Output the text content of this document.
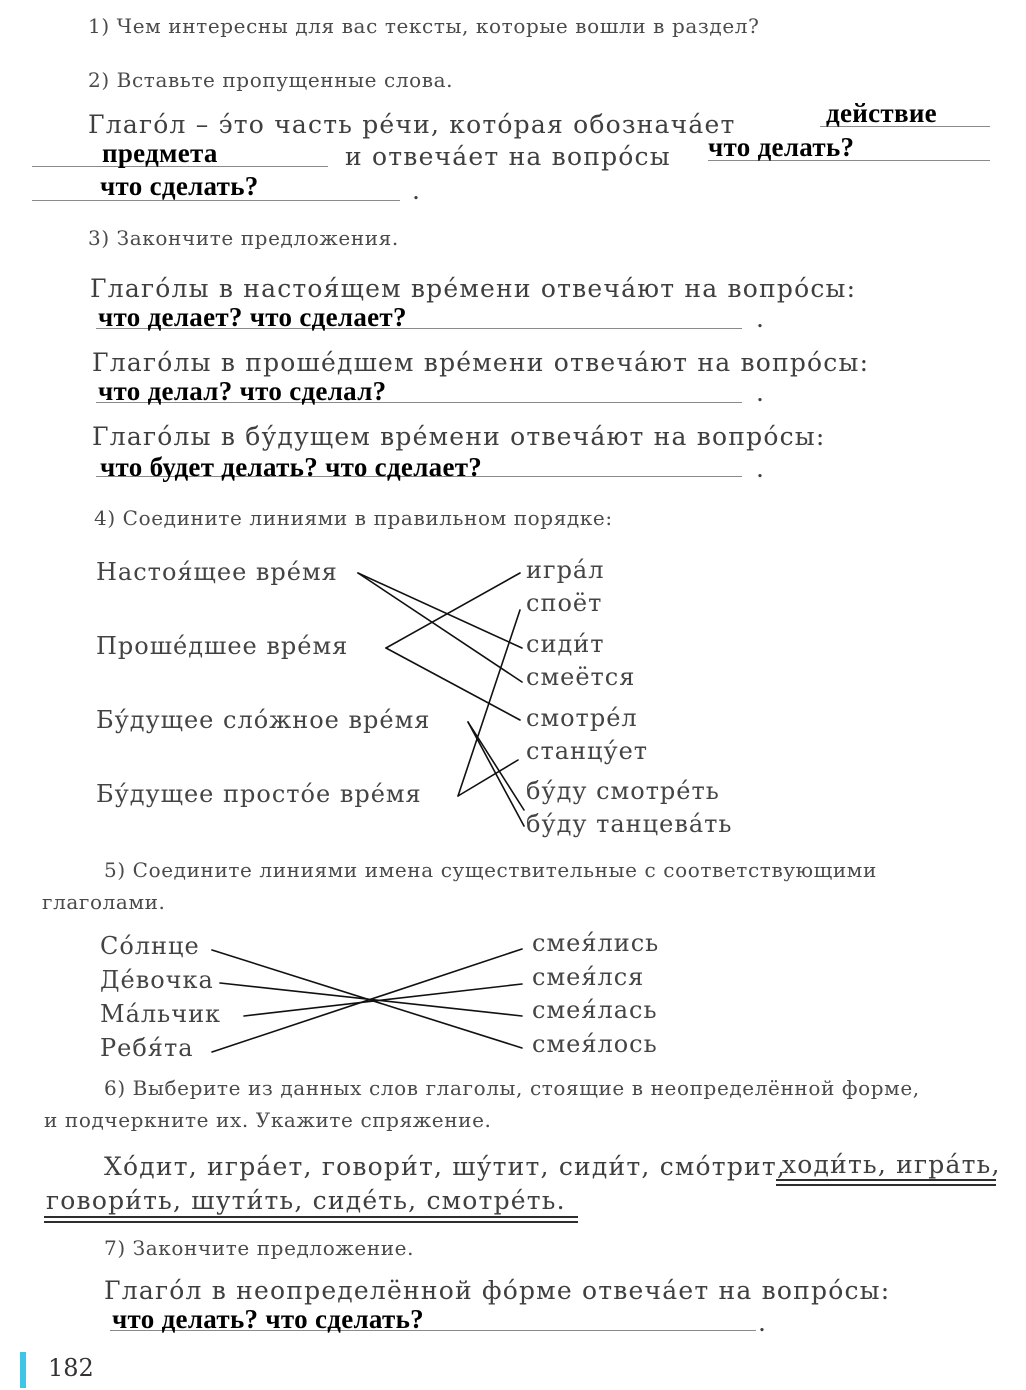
1) Чем интересны для вас тексты, которые вошли в раздел?
2) Вставьте пропущенные слова.
Глаго́л – э́то часть ре́чи, кото́рая обознача́ет	действие
предмета	и отвеча́ет на вопро́сы что делать?
что сделать?	.
3) Закончите предложения.
Глаго́лы в настоя́щем вре́мени отвеча́ют на вопро́сы:
что делает? что сделает?	.
Глаго́лы в проше́дшем вре́мени отвеча́ют на вопро́сы:
что делал? что сделал?	.
Глаго́лы в бу́дущем вре́мени отвеча́ют на вопро́сы:
что будет делать? что сделает?	.
4) Соедините линиями в правильном порядке:
Настоя́щее вре́мя
Проше́дшее вре́мя
Бу́дущее сло́жное вре́мя
Бу́дущее просто́е вре́мя
игра́л
споёт
сиди́т
смеётся
смотре́л
станцу́ет
бу́ду смотре́ть
бу́ду танцева́ть
5) Соедините линиями имена существительные с соответствующими
глаголами.
Со́лнце
Де́вочка
Ма́льчик
Ребя́та
смея́лись
смея́лся
смея́лась
смея́лось
6) Выберите из данных слов глаголы, стоящие в неопределённой форме,
и подчеркните их. Укажите спряжение.
Хо́дит, игра́ет, говори́т, шу́тит, сиди́т, смо́трит,
ходи́ть, игра́ть,
говори́ть, шути́ть, сиде́ть, смотре́ть.
7) Закончите предложение.
Глаго́л в неопределённой фо́рме отвеча́ет на вопро́сы:
что делать? что сделать?	.
182
